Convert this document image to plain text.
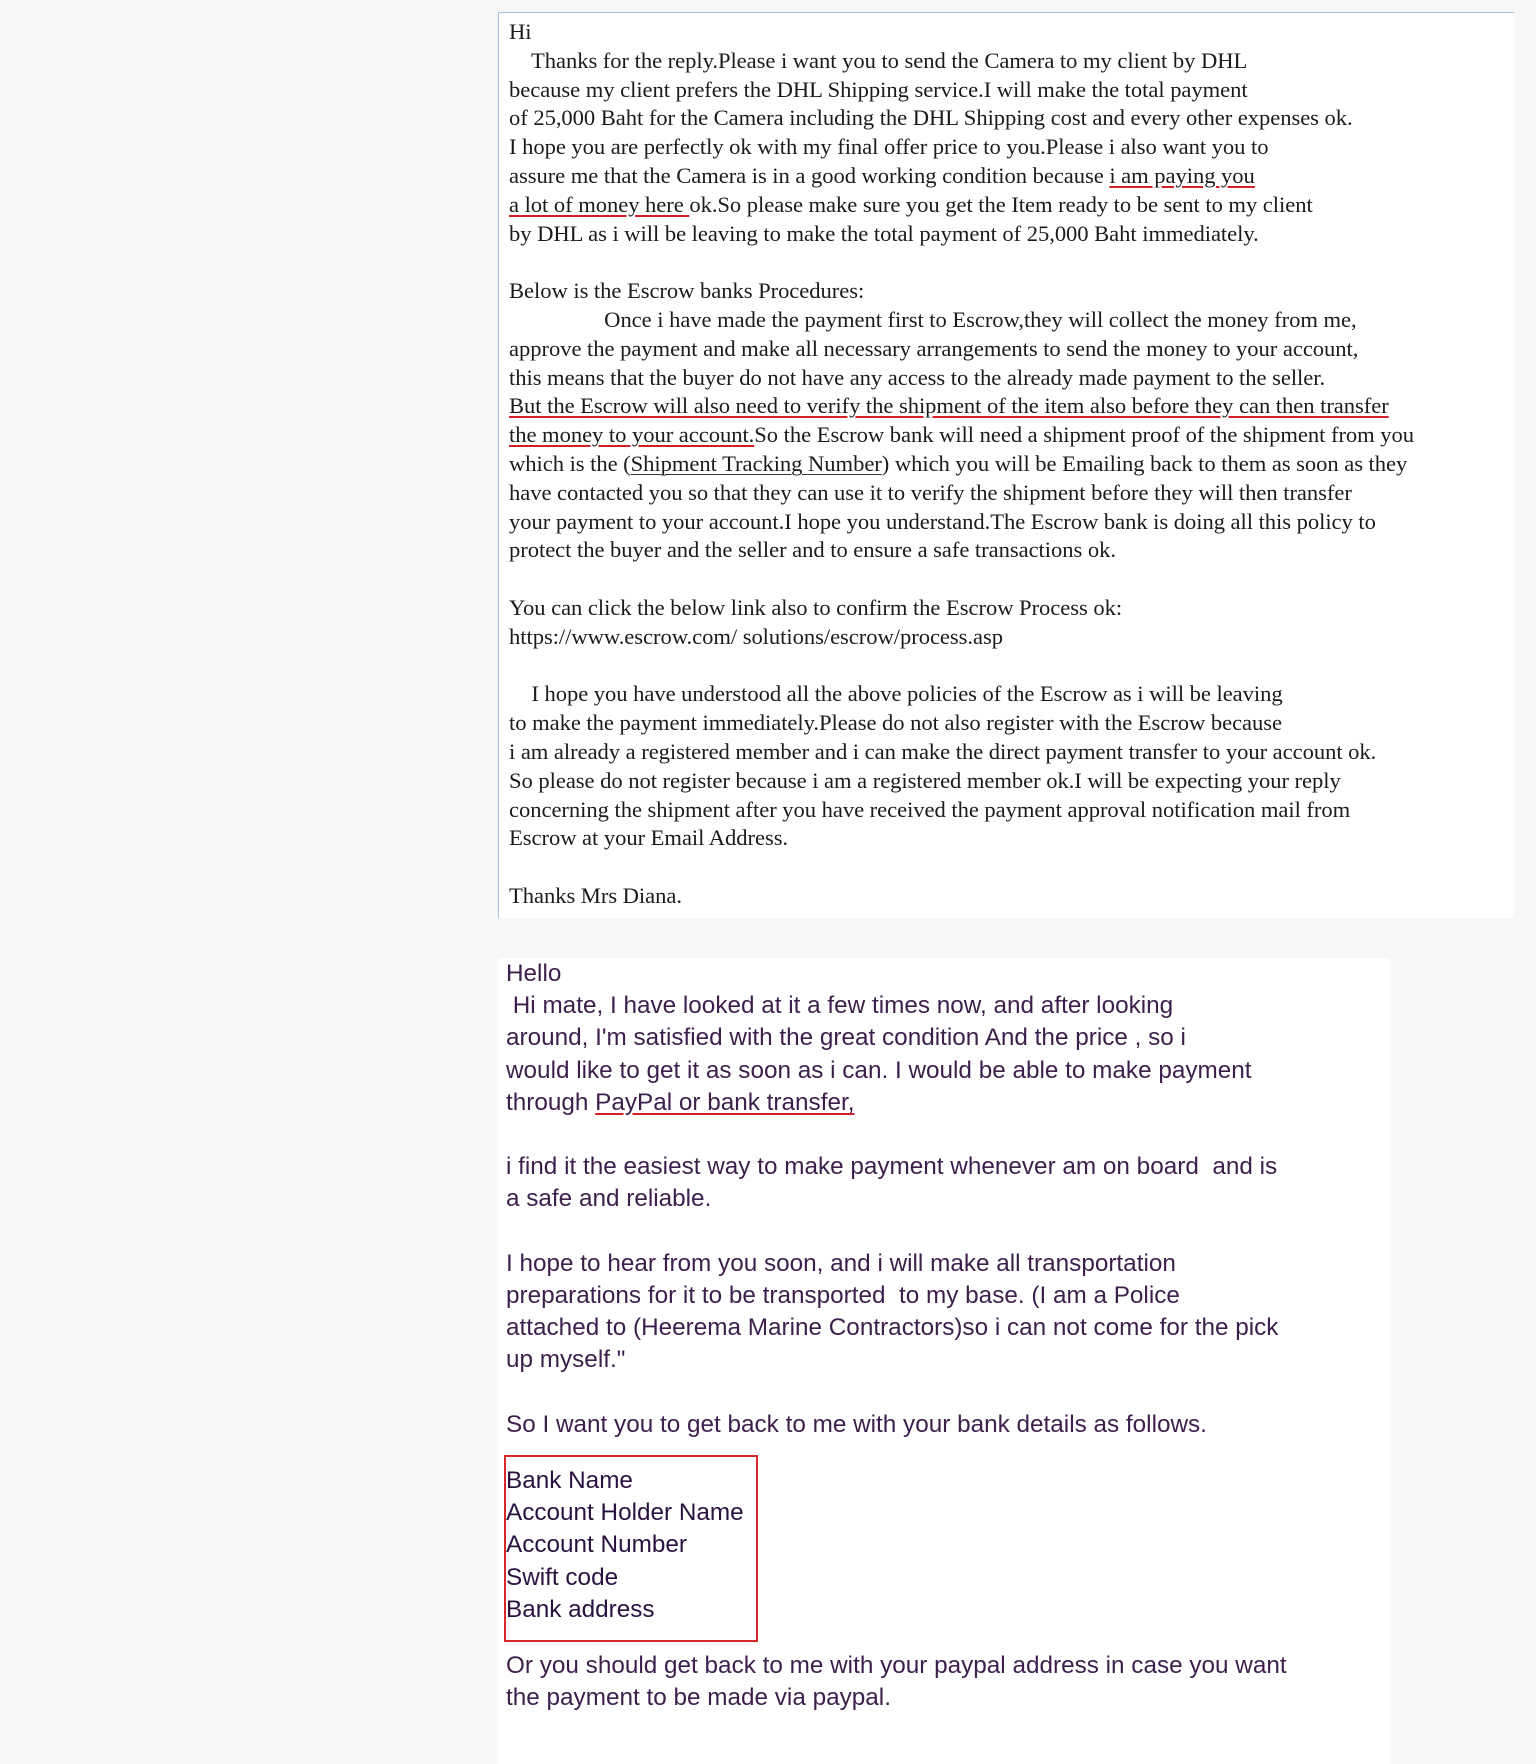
Hi
Thanks for the reply.Please i want you to send the Camera to my client by DHL
because my client prefers the DHL Shipping service.I will make the total payment
of 25,000 Baht for the Camera including the DHL Shipping cost and every other expenses ok.
I hope you are perfectly ok with my final offer price to you.Please i also want you to
assure me that the Camera is in a good working condition because i am paying you
a lot of money here ok.So please make sure you get the Item ready to be sent to my client
by DHL as i will be leaving to make the total payment of 25,000 Baht immediately.
Below is the Escrow banks Procedures:
Once i have made the payment first to Escrow,they will collect the money from me,
approve the payment and make all necessary arrangements to send the money to your account,
this means that the buyer do not have any access to the already made payment to the seller.
But the Escrow will also need to verify the shipment of the item also before they can then transfer
the money to your account.So the Escrow bank will need a shipment proof of the shipment from you
which is the (Shipment Tracking Number) which you will be Emailing back to them as soon as they
have contacted you so that they can use it to verify the shipment before they will then transfer
your payment to your account.I hope you understand.The Escrow bank is doing all this policy to
protect the buyer and the seller and to ensure a safe transactions ok.
You can click the below link also to confirm the Escrow Process ok:
https://www.escrow.com/ solutions/escrow/process.asp
I hope you have understood all the above policies of the Escrow as i will be leaving
to make the payment immediately.Please do not also register with the Escrow because
i am already a registered member and i can make the direct payment transfer to your account ok.
So please do not register because i am a registered member ok.I will be expecting your reply
concerning the shipment after you have received the payment approval notification mail from
Escrow at your Email Address.
Thanks Mrs Diana.
Hello
Hi mate, I have looked at it a few times now, and after looking
around, I'm satisfied with the great condition And the price , so i
would like to get it as soon as i can. I would be able to make payment
through PayPal or bank transfer,
i find it the easiest way to make payment whenever am on board  and is
a safe and reliable.
I hope to hear from you soon, and i will make all transportation
preparations for it to be transported  to my base. (I am a Police
attached to (Heerema Marine Contractors)so i can not come for the pick
up myself."
So I want you to get back to me with your bank details as follows.
Bank Name
Account Holder Name
Account Number
Swift code
Bank address
Or you should get back to me with your paypal address in case you want
the payment to be made via paypal.
